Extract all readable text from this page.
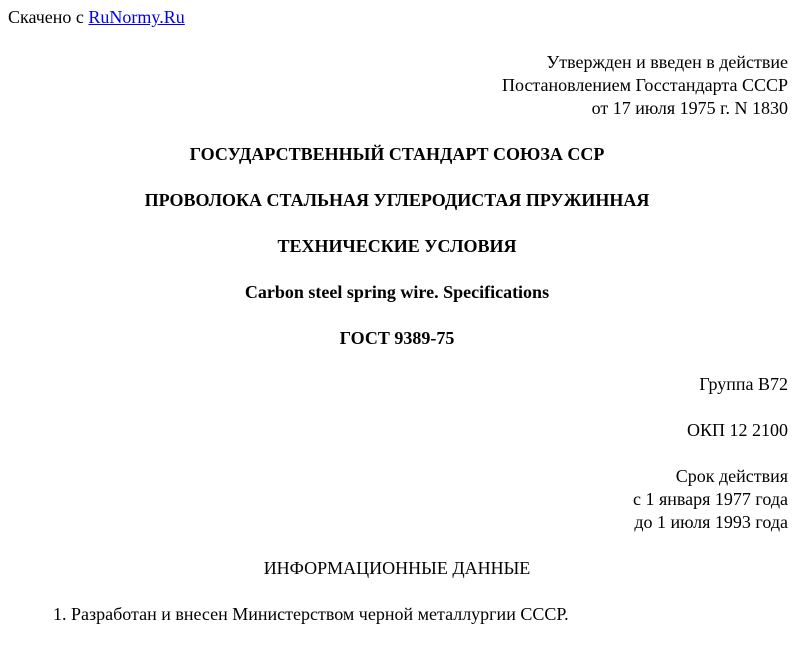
Скачено с RuNormy.Ru
Утвержден и введен в действие
Постановлением Госстандарта СССР
от 17 июля 1975 г. N 1830
ГОСУДАРСТВЕННЫЙ СТАНДАРТ СОЮЗА ССР
ПРОВОЛОКА СТАЛЬНАЯ УГЛЕРОДИСТАЯ ПРУЖИННАЯ
ТЕХНИЧЕСКИЕ УСЛОВИЯ
Carbon steel spring wire. Specifications
ГОСТ 9389-75
Группа В72
ОКП 12 2100
Срок действия
с 1 января 1977 года
до 1 июля 1993 года
ИНФОРМАЦИОННЫЕ ДАННЫЕ
1. Разработан и внесен Министерством черной металлургии СССР.
